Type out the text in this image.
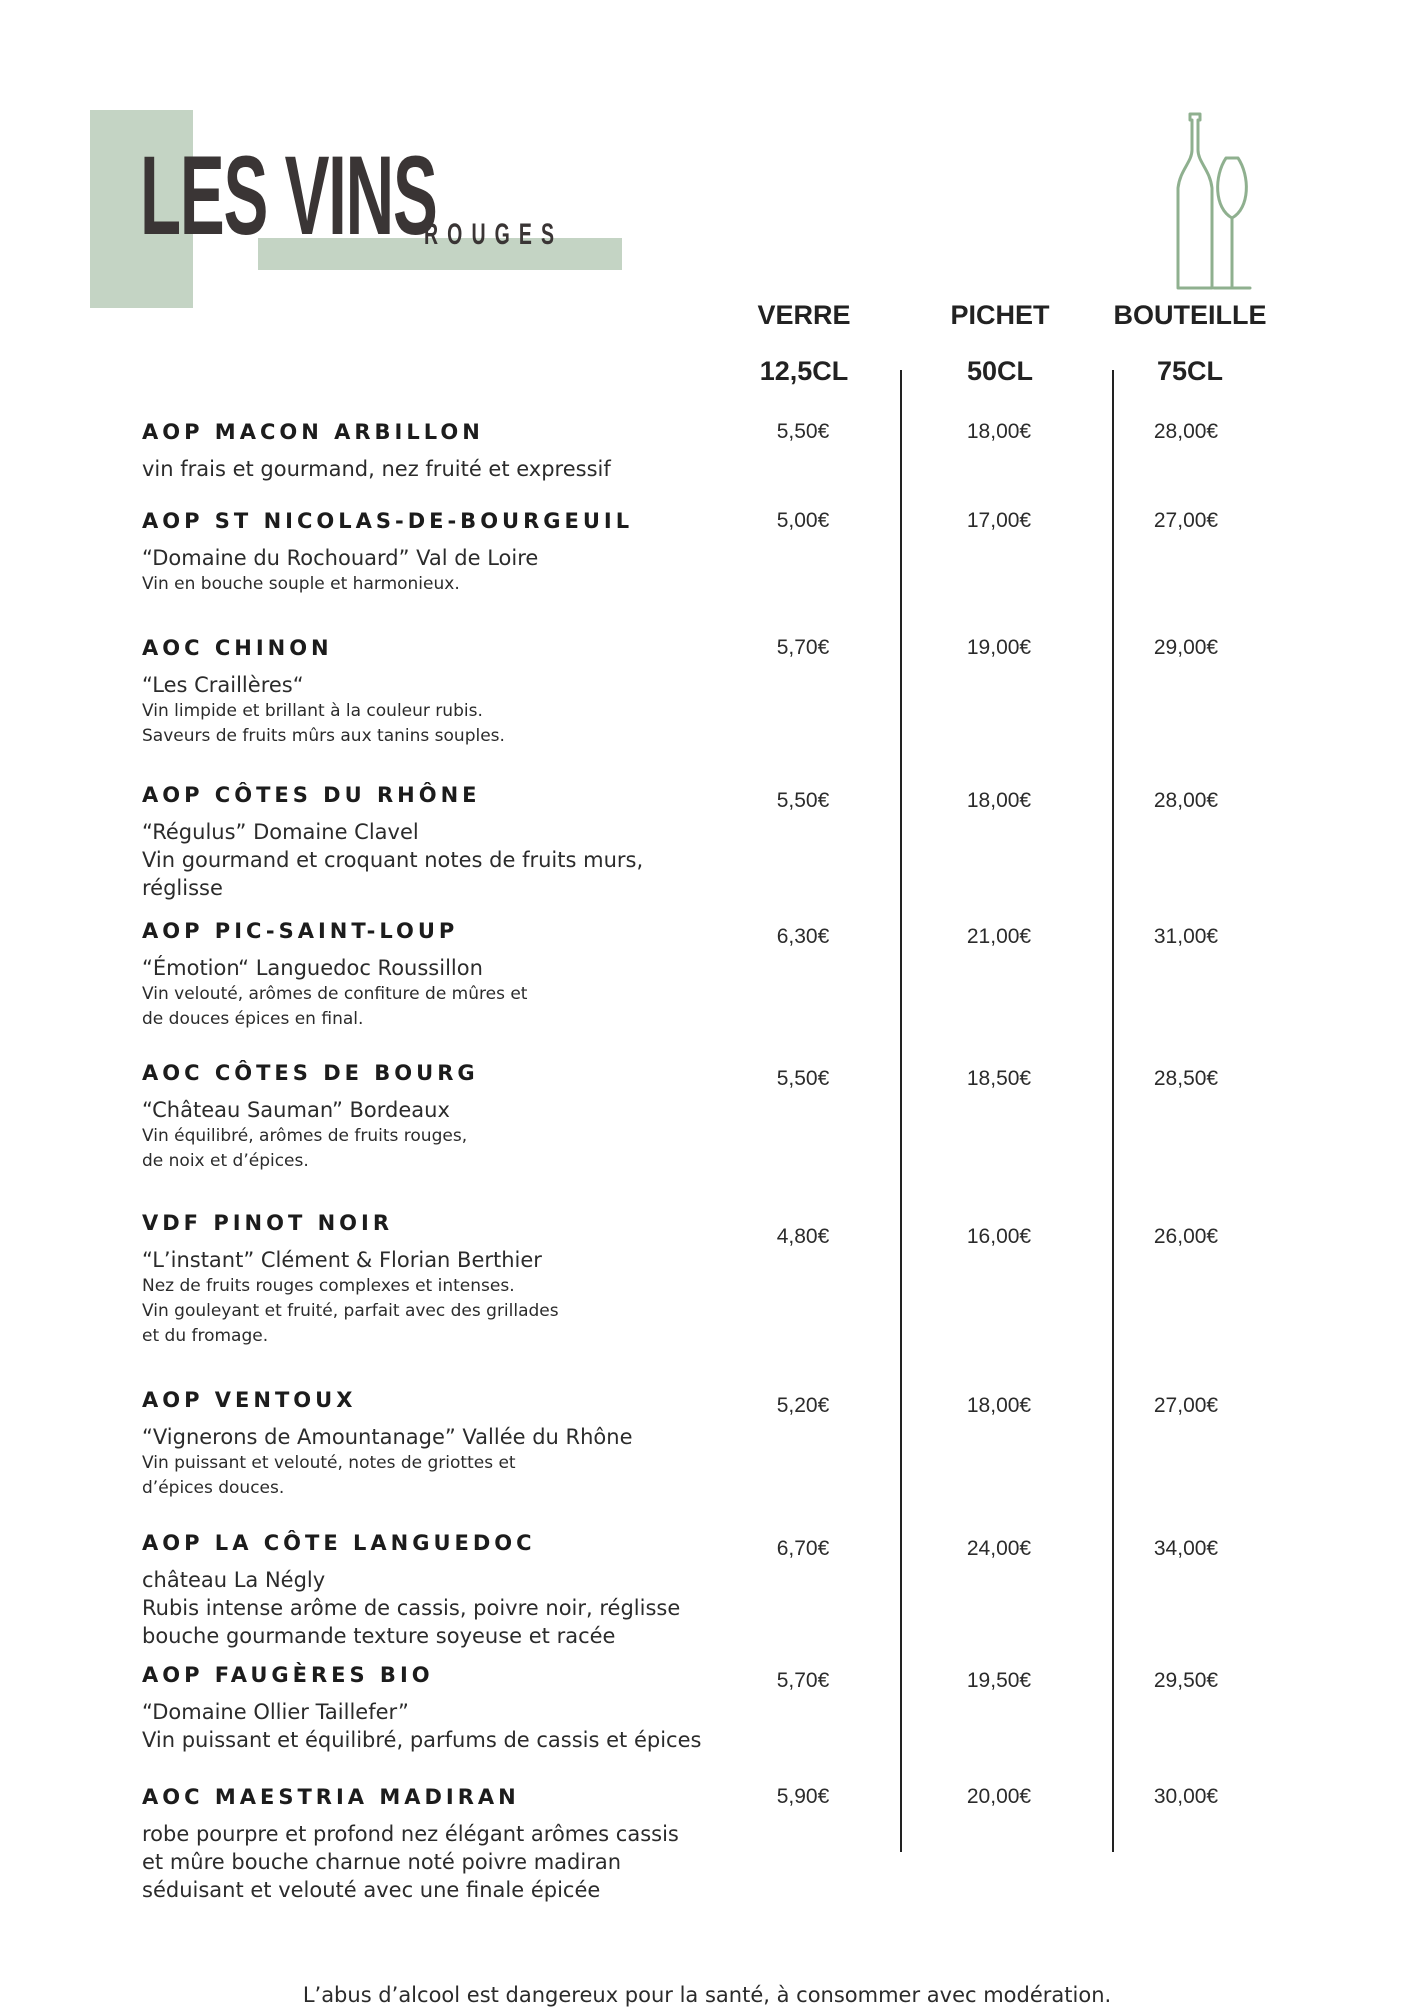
LES VINS
ROUGES
VERRE	PICHET	BOUTEILLE
12,5CL	50CL	75CL
AOP MACON ARBILLON
vin frais et gourmand, nez fruité et expressif
5,50€	18,00€	28,00€
AOP ST NICOLAS-DE-BOURGEUIL
“Domaine du Rochouard” Val de Loire
Vin en bouche souple et harmonieux.
5,00€	17,00€	27,00€
AOC CHINON
“Les Craillères“
Vin limpide et brillant à la couleur rubis.
Saveurs de fruits mûrs aux tanins souples.
5,70€	19,00€	29,00€
AOP CÔTES DU RHÔNE
“Régulus” Domaine Clavel
Vin gourmand et croquant notes de fruits murs,
réglisse
5,50€	18,00€	28,00€
AOP PIC-SAINT-LOUP
“Émotion“ Languedoc Roussillon
Vin velouté, arômes de confiture de mûres et
de douces épices en final.
6,30€	21,00€	31,00€
AOC CÔTES DE BOURG
“Château Sauman” Bordeaux
Vin équilibré, arômes de fruits rouges,
de noix et d’épices.
5,50€	18,50€	28,50€
VDF PINOT NOIR
“L’instant” Clément & Florian Berthier
Nez de fruits rouges complexes et intenses.
Vin gouleyant et fruité, parfait avec des grillades
et du fromage.
4,80€	16,00€	26,00€
AOP VENTOUX
“Vignerons de Amountanage” Vallée du Rhône
Vin puissant et velouté, notes de griottes et
d’épices douces.
5,20€	18,00€	27,00€
AOP LA CÔTE LANGUEDOC
château La Négly
Rubis intense arôme de cassis, poivre noir, réglisse
bouche gourmande texture soyeuse et racée
6,70€	24,00€	34,00€
AOP FAUGÈRES BIO
“Domaine Ollier Taillefer”
Vin puissant et équilibré, parfums de cassis et épices
5,70€	19,50€	29,50€
AOC MAESTRIA MADIRAN
robe pourpre et profond nez élégant arômes cassis
et mûre bouche charnue noté poivre madiran
séduisant et velouté avec une finale épicée
5,90€	20,00€	30,00€
L’abus d’alcool est dangereux pour la santé, à consommer avec modération.
